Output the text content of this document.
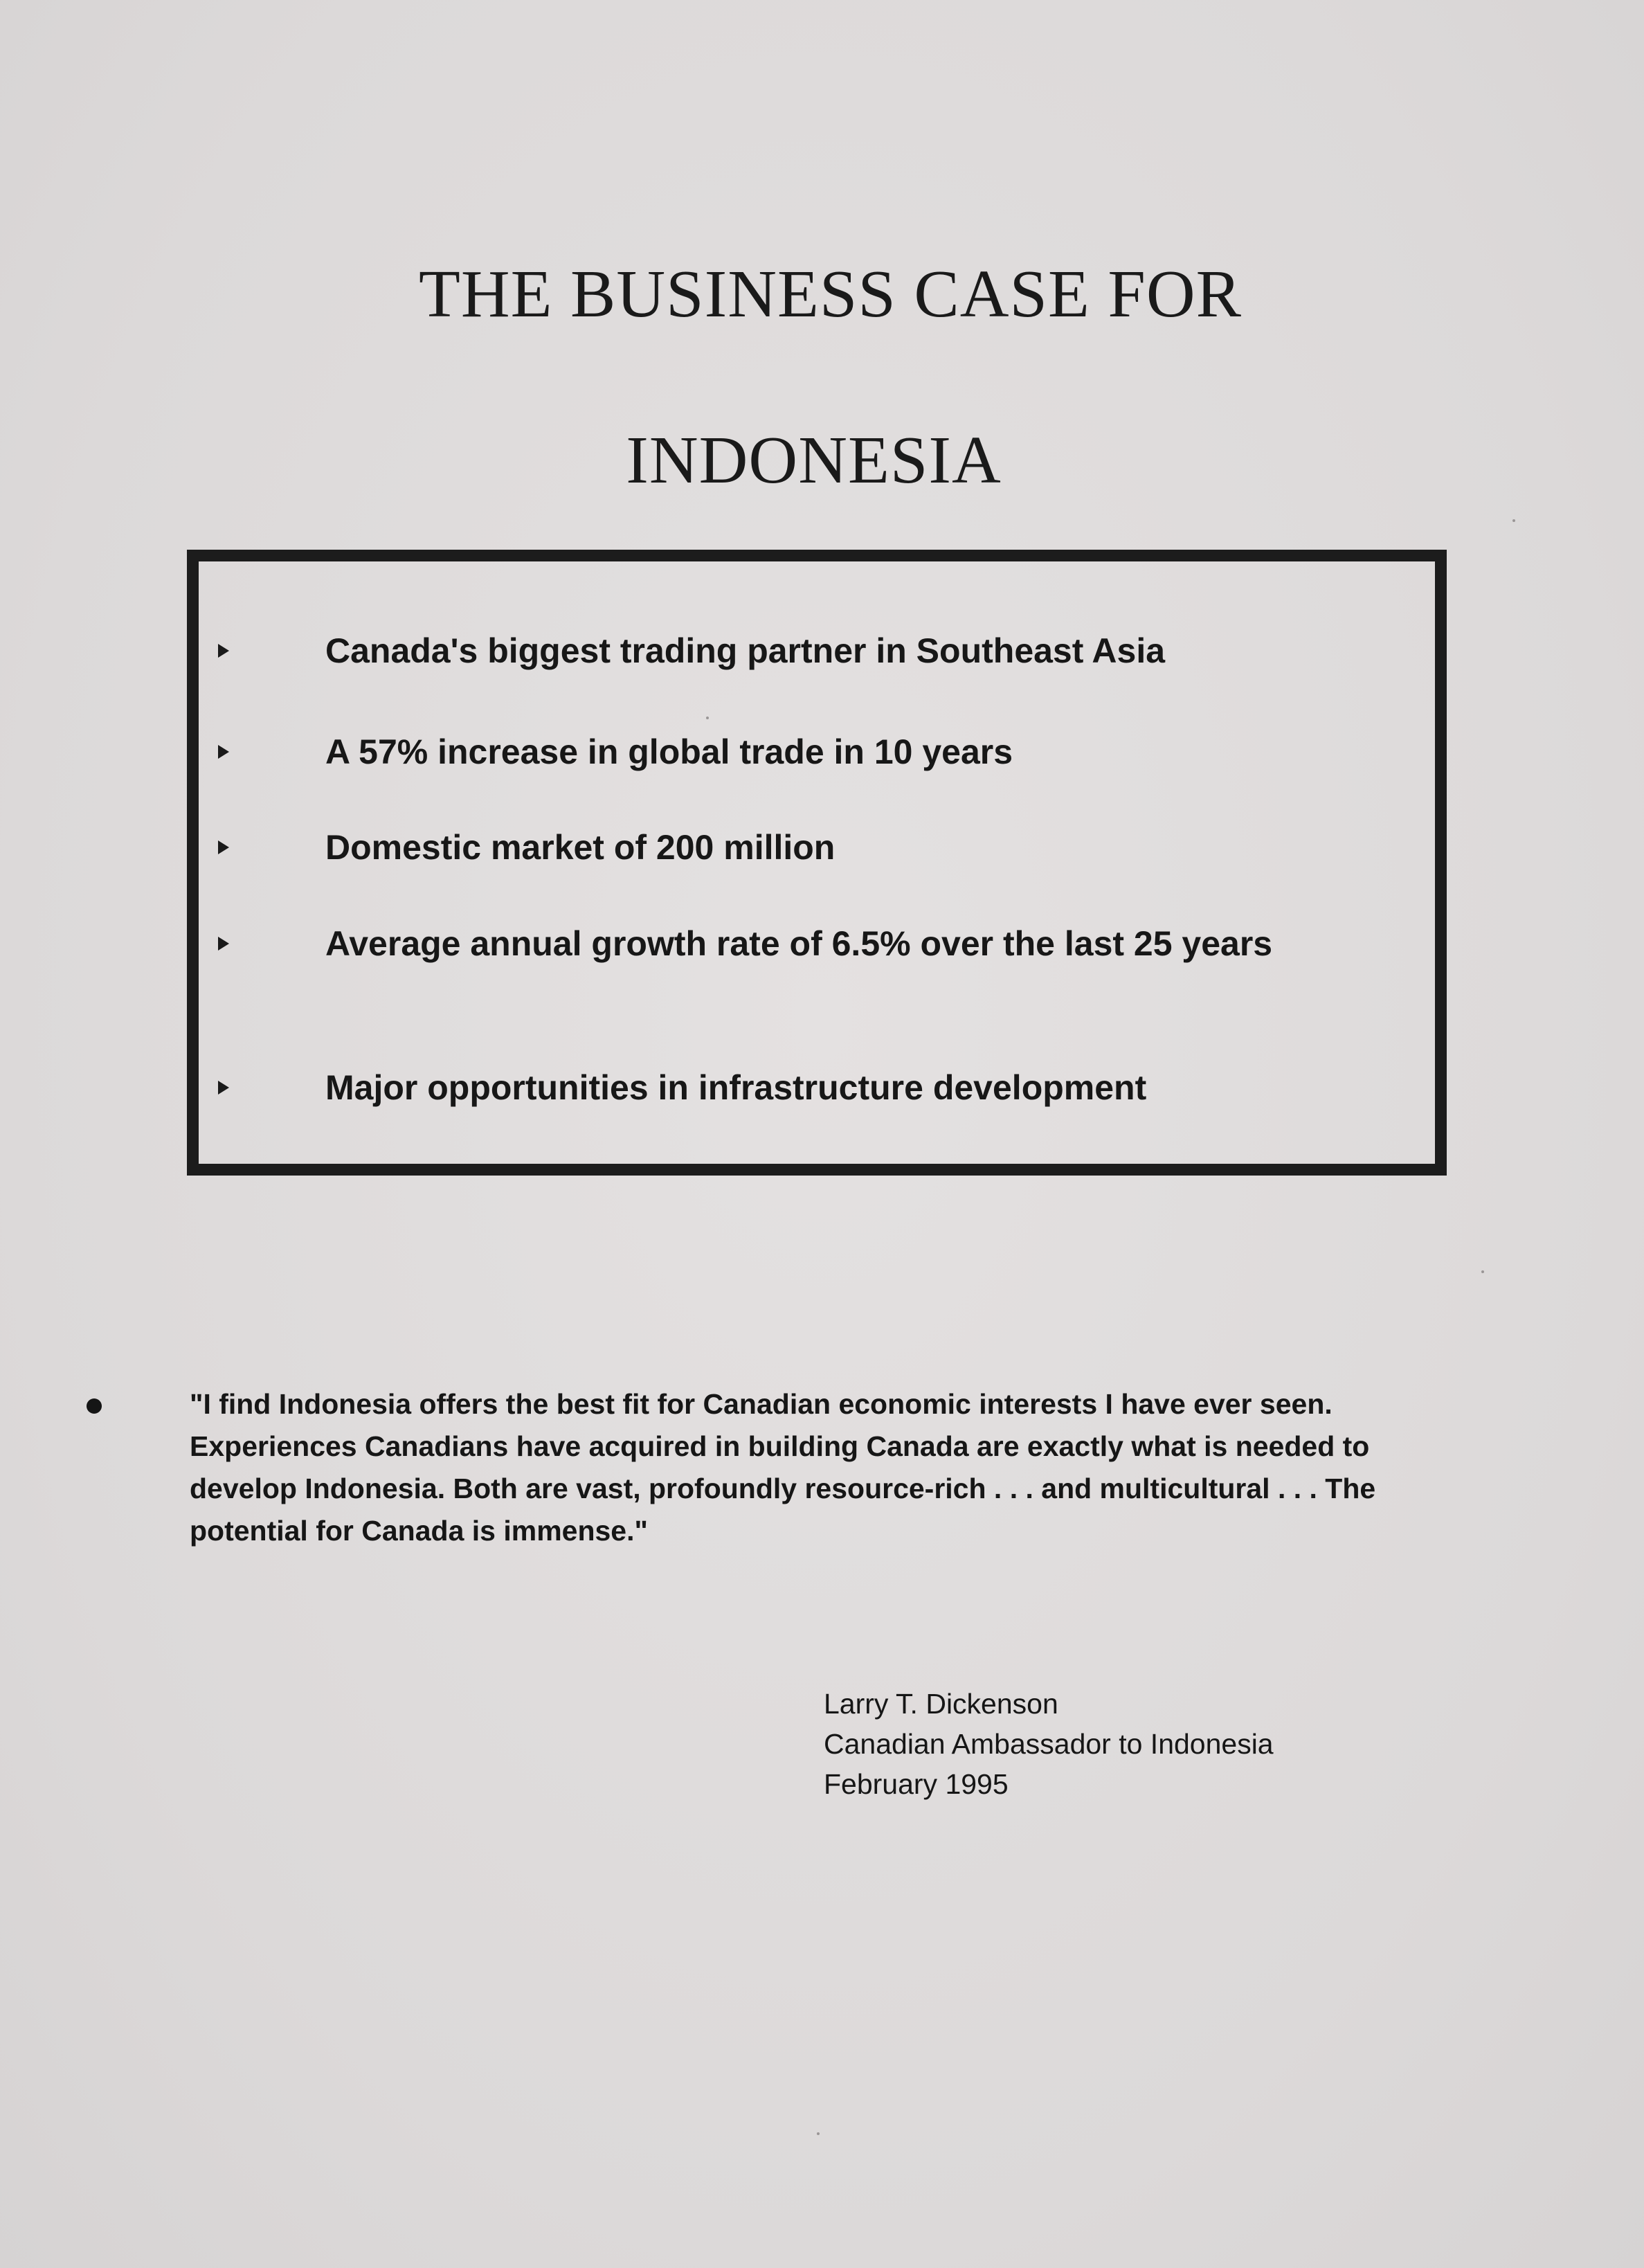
THE BUSINESS CASE FOR
INDONESIA
Canada's biggest trading partner in Southeast Asia
A 57% increase in global trade in 10 years
Domestic market of 200 million
Average annual growth rate of 6.5% over the last 25 years
Major opportunities in infrastructure development
"I find Indonesia offers the best fit for Canadian economic interests I have ever seen. Experiences Canadians have acquired in building Canada are exactly what is needed to develop Indonesia. Both are vast, profoundly resource-rich . . . and multicultural . . . The potential for Canada is immense."
Larry T. Dickenson
Canadian Ambassador to Indonesia
February 1995
